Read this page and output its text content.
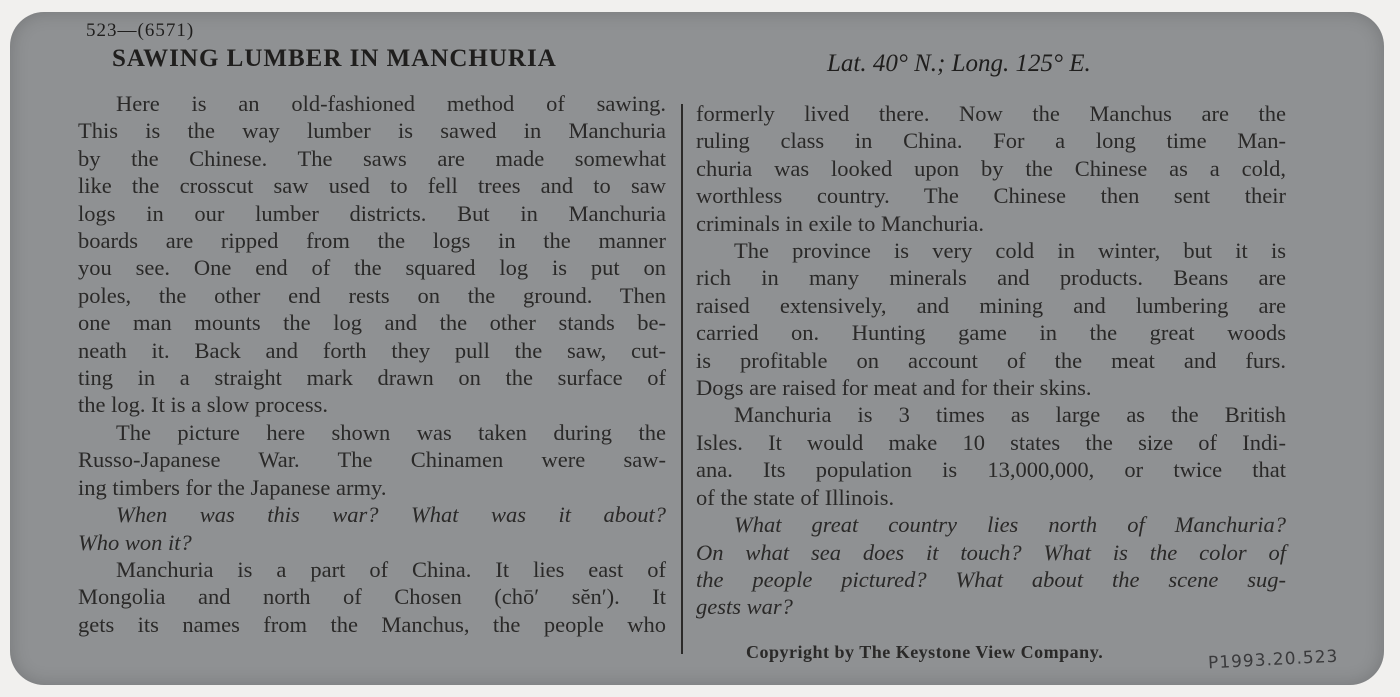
523—(6571)
SAWING LUMBER IN MANCHURIA	Lat. 40° N.; Long. 125° E.
Here is an old-fashioned method of sawing.
This is the way lumber is sawed in Manchuria
by the Chinese. The saws are made somewhat
like the crosscut saw used to fell trees and to saw
logs in our lumber districts. But in Manchuria
boards are ripped from the logs in the manner
you see. One end of the squared log is put on
poles, the other end rests on the ground. Then
one man mounts the log and the other stands be-
neath it. Back and forth they pull the saw, cut-
ting in a straight mark drawn on the surface of
the log. It is a slow process.
The picture here shown was taken during the
Russo-Japanese War. The Chinamen were saw-
ing timbers for the Japanese army.
When was this war? What was it about?
Who won it?
Manchuria is a part of China. It lies east of
Mongolia and north of Chosen (chō′ sĕn′). It
gets its names from the Manchus, the people who
formerly lived there. Now the Manchus are the
ruling class in China. For a long time Man-
churia was looked upon by the Chinese as a cold,
worthless country. The Chinese then sent their
criminals in exile to Manchuria.
The province is very cold in winter, but it is
rich in many minerals and products. Beans are
raised extensively, and mining and lumbering are
carried on. Hunting game in the great woods
is profitable on account of the meat and furs.
Dogs are raised for meat and for their skins.
Manchuria is 3 times as large as the British
Isles. It would make 10 states the size of Indi-
ana. Its population is 13,000,000, or twice that
of the state of Illinois.
What great country lies north of Manchuria?
On what sea does it touch? What is the color of
the people pictured? What about the scene sug-
gests war?
Copyright by The Keystone View Company.	P1993.20.523
